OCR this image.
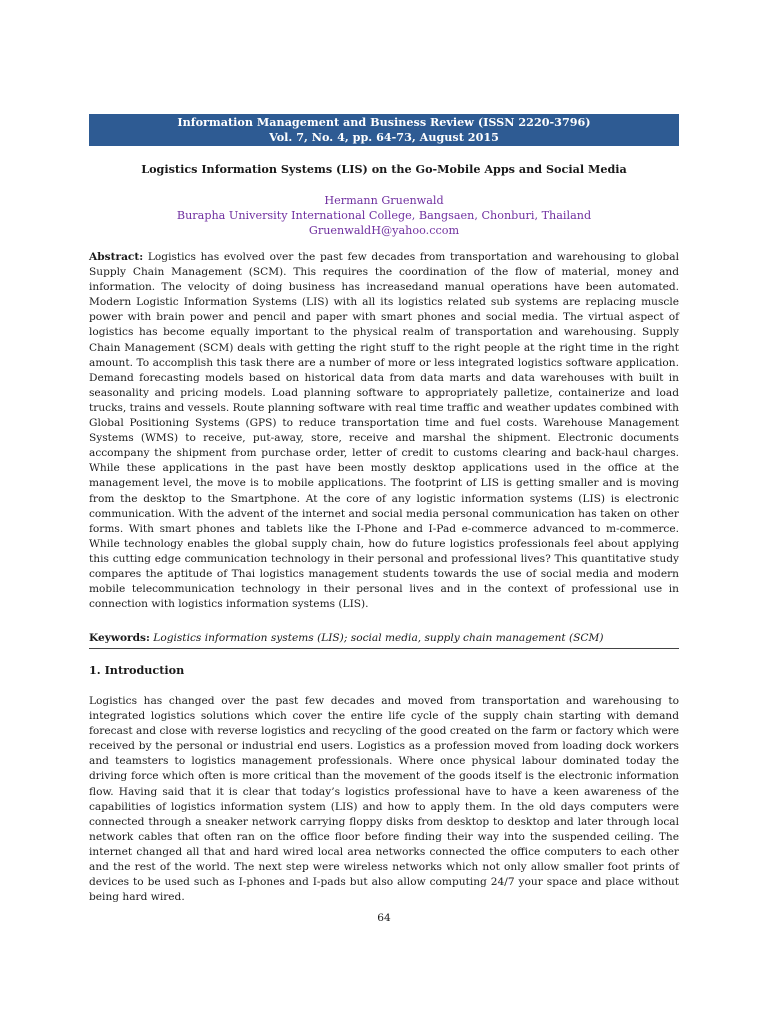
Information Management and Business Review (ISSN 2220-3796)
Vol. 7, No. 4, pp. 64-73, August 2015
Logistics Information Systems (LIS) on the Go-Mobile Apps and Social Media
Hermann Gruenwald
Burapha University International College, Bangsaen, Chonburi, Thailand
GruenwaldH@yahoo.ccom
Abstract: Logistics has evolved over the past few decades from transportation and warehousing to global Supply Chain Management (SCM). This requires the coordination of the flow of material, money and information. The velocity of doing business has increasedand manual operations have been automated. Modern Logistic Information Systems (LIS) with all its logistics related sub systems are replacing muscle power with brain power and pencil and paper with smart phones and social media. The virtual aspect of logistics has become equally important to the physical realm of transportation and warehousing. Supply Chain Management (SCM) deals with getting the right stuff to the right people at the right time in the right amount. To accomplish this task there are a number of more or less integrated logistics software application. Demand forecasting models based on historical data from data marts and data warehouses with built in seasonality and pricing models. Load planning software to appropriately palletize, containerize and load trucks, trains and vessels. Route planning software with real time traffic and weather updates combined with Global Positioning Systems (GPS) to reduce transportation time and fuel costs. Warehouse Management Systems (WMS) to receive, put-away, store, receive and marshal the shipment. Electronic documents accompany the shipment from purchase order, letter of credit to customs clearing and back-haul charges. While these applications in the past have been mostly desktop applications used in the office at the management level, the move is to mobile applications. The footprint of LIS is getting smaller and is moving from the desktop to the Smartphone. At the core of any logistic information systems (LIS) is electronic communication. With the advent of the internet and social media personal communication has taken on other forms. With smart phones and tablets like the I-Phone and I-Pad e-commerce advanced to m-commerce. While technology enables the global supply chain, how do future logistics professionals feel about applying this cutting edge communication technology in their personal and professional lives? This quantitative study compares the aptitude of Thai logistics management students towards the use of social media and modern mobile telecommunication technology in their personal lives and in the context of professional use in connection with logistics information systems (LIS).
Keywords: Logistics information systems (LIS); social media, supply chain management (SCM)
1. Introduction
Logistics has changed over the past few decades and moved from transportation and warehousing to integrated logistics solutions which cover the entire life cycle of the supply chain starting with demand forecast and close with reverse logistics and recycling of the good created on the farm or factory which were received by the personal or industrial end users. Logistics as a profession moved from loading dock workers and teamsters to logistics management professionals. Where once physical labour dominated today the driving force which often is more critical than the movement of the goods itself is the electronic information flow. Having said that it is clear that today’s logistics professional have to have a keen awareness of the capabilities of logistics information system (LIS) and how to apply them. In the old days computers were connected through a sneaker network carrying floppy disks from desktop to desktop and later through local network cables that often ran on the office floor before finding their way into the suspended ceiling. The internet changed all that and hard wired local area networks connected the office computers to each other and the rest of the world. The next step were wireless networks which not only allow smaller foot prints of devices to be used such as I-phones and I-pads but also allow computing 24/7 your space and place without being hard wired.
64
